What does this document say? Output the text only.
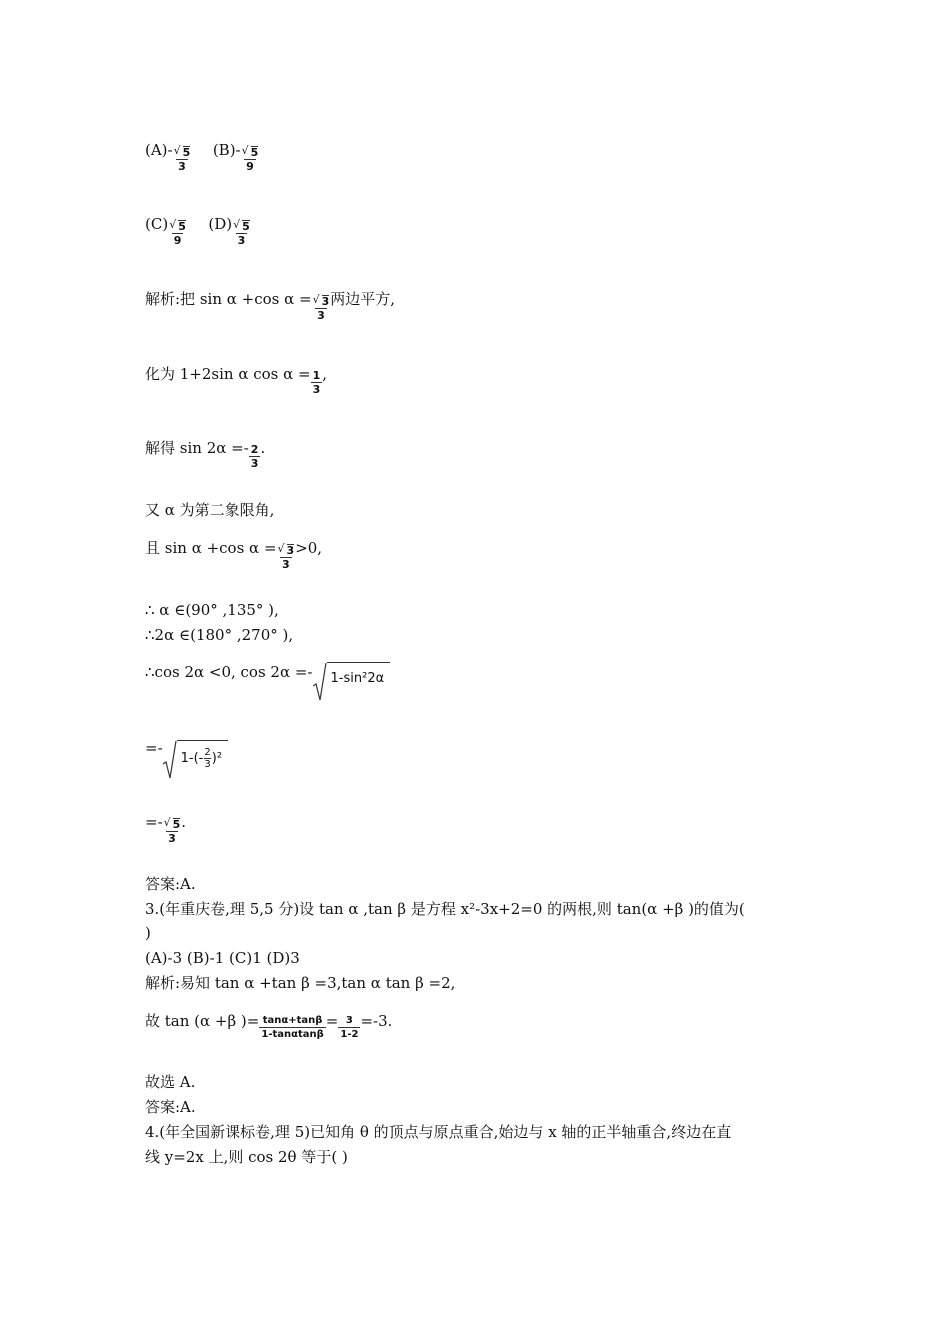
(A)- √ $\frac{5}{3} (B)-$ √ $\frac{5}{9}$
(C) √ $\frac{5}{9} (D)$ √ $\frac{5}{3}$
解析:把 sin α +cos α = √ $\frac{3}{3}$ 两边平方,
化为 1+2sin α $\cos \alpha = \frac{1}{3}$ ,
解得 $\sin 2\alpha =- \frac{2}{3}$ .
又 α 为第二象限角,
且 sin α +cos α = √ $\frac{3}{3} >0$,
∴ α ∈(90° ,135° ),
∴2α ∈(180° ,270° ),
∴cos 2α <0, cos 2α =- 1-sin²2α
=-
$1-(- \frac{2}{3} )^2$
=- √ $\frac{5}{3}$ .
答案:A.
3.(年重庆卷,理 5,5 分)设 tan α ,tan β 是方程 x²-3x+2=0 的两根,则 tan(α +β )的值为(
)
(A)-3 (B)-1 (C)1 (D)3
解析:易知 tan α +tan β =3,tan α tan β =2,
故 tan (α +β )= $\frac{\tan\alpha+\tan\beta}{1-\tan\alpha\tan\beta} = \frac{3}{1-2} =-3$.
故选 A.
答案:A.
4.(年全国新课标卷,理 5)已知角 θ 的顶点与原点重合,始边与 x 轴的正半轴重合,终边在直
线 y=2x 上,则 cos 2θ 等于( )
